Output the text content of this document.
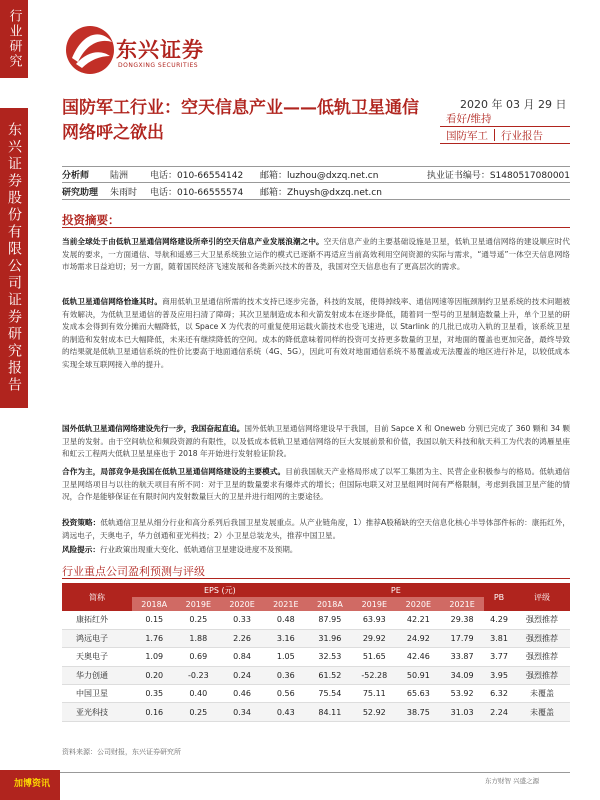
行业研究
东兴证券股份有限公司证券研究报告
东兴证券
DONGXING SECURITIES
国防军工行业：空天信息产业——低轨卫星通信网络呼之欲出
2020 年 03 月 29 日
看好/维持
国防军工	行业报告
分析师	陆洲	电话：010-66554142	邮箱：luzhou@dxzq.net.cn	执业证书编号：S1480517080001
研究助理	朱雨时	电话：010-66555574	邮箱：Zhuysh@dxzq.net.cn
投资摘要：
当前全球处于由低轨卫星通信网络建设所牵引的空天信息产业发展浪潮之中。空天信息产业的主要基础设施是卫星，低轨卫星通信网络的建设顺应时代发展的要求，一方面通信、导航和遥感三大卫星系统独立运作的模式已逐渐不再适应当前高效利用空间资源的实际与需求，“通导遥”一体空天信息网络市场需求日益迫切；另一方面，随着国民经济飞速发展和各类新兴技术的普及，我国对空天信息也有了更高层次的需求。
低轨卫星通信网络恰逢其时。商用低轨卫星通信所需的技术支持已逐步完备，科技的发展，使得掉线率、通信网速等因瓶颈制约卫星系统的技术问题被有效解决，为低轨卫星通信的普及应用扫清了障碍；其次卫星制造成本和火箭发射成本在逐步降低，随着同一型号的卫星制造数量上升，单个卫星的研发成本会得到有效分摊而大幅降低，以 Space X 为代表的可重复使用运载火箭技术也受飞速进，以 Starlink 的几批已成功入轨的卫星看，该系统卫星的制造和发射成本已大幅降低，未来还有继续降低的空间。成本的降低意味着同样的投资可支持更多数量的卫星，对地面的覆盖也更加完备，最终导致的结果就是低轨卫星通信系统的性价比要高于地面通信系统（4G、5G），因此可有效对地面通信系统不易覆盖或无法覆盖的地区进行补足，以较低成本实现全球互联网接入单的提升。
国外低轨卫星通信网络建设先行一步，我国奋起直追。国外低轨卫星通信网络建设早于我国，目前 Sapce X 和 Oneweb 分别已完成了 360 颗和 34 颗卫星的发射。由于空间轨位和频段资源的有限性，以及低成本低轨卫星通信网络的巨大发展前景和价值，我国以航天科技和航天科工为代表的鸿雁星座和虹云工程两大低轨卫星星座也于 2018 年开始进行发射验证阶段。
合作为主，局部竞争是我国在低轨卫星通信网络建设的主要模式。目前我国航天产业格局形成了以军工集团为主、民营企业积极参与的格局。低轨通信卫星网络项目与以往的航天项目有所不同：对于卫星的数量要求有爆炸式的增长；但国际电联又对卫星组网时间有严格限制，考虑到我国卫星产能的情况，合作是能够保证在有限时间内发射数量巨大的卫星并进行组网的主要途径。
投资策略：低轨通信卫星从细分行业和高分系列后我国卫星发展重点。从产业链角度，1）推荐A股稀缺的空天信息化核心半导体部件标的：康拓红外，鸿远电子，天奥电子，华力创通和亚光科技；2）小卫星总装龙头，推荐中国卫星。
风险提示：行业政策出现重大变化、低轨通信卫星建设进度不及预期。
行业重点公司盈利预测与评级
简称	EPS (元)				PE				PB	评级
	2018A	2019E	2020E	2021E	2018A	2019E	2020E	2021E		
康拓红外	0.15	0.25	0.33	0.48	87.95	63.93	42.21	29.38	4.29	强烈推荐
鸿远电子	1.76	1.88	2.26	3.16	31.96	29.92	24.92	17.79	3.81	强烈推荐
天奥电子	1.09	0.69	0.84	1.05	32.53	51.65	42.46	33.87	3.77	强烈推荐
华力创通	0.20	-0.23	0.24	0.36	61.52	-52.28	50.91	34.09	3.95	强烈推荐
中国卫星	0.35	0.40	0.46	0.56	75.54	75.11	65.63	53.92	6.32	未覆盖
亚光科技	0.16	0.25	0.34	0.43	84.11	52.92	38.75	31.03	2.24	未覆盖
资料来源：公司财报，东兴证券研究所
东方财智 兴盛之源
加博资讯
